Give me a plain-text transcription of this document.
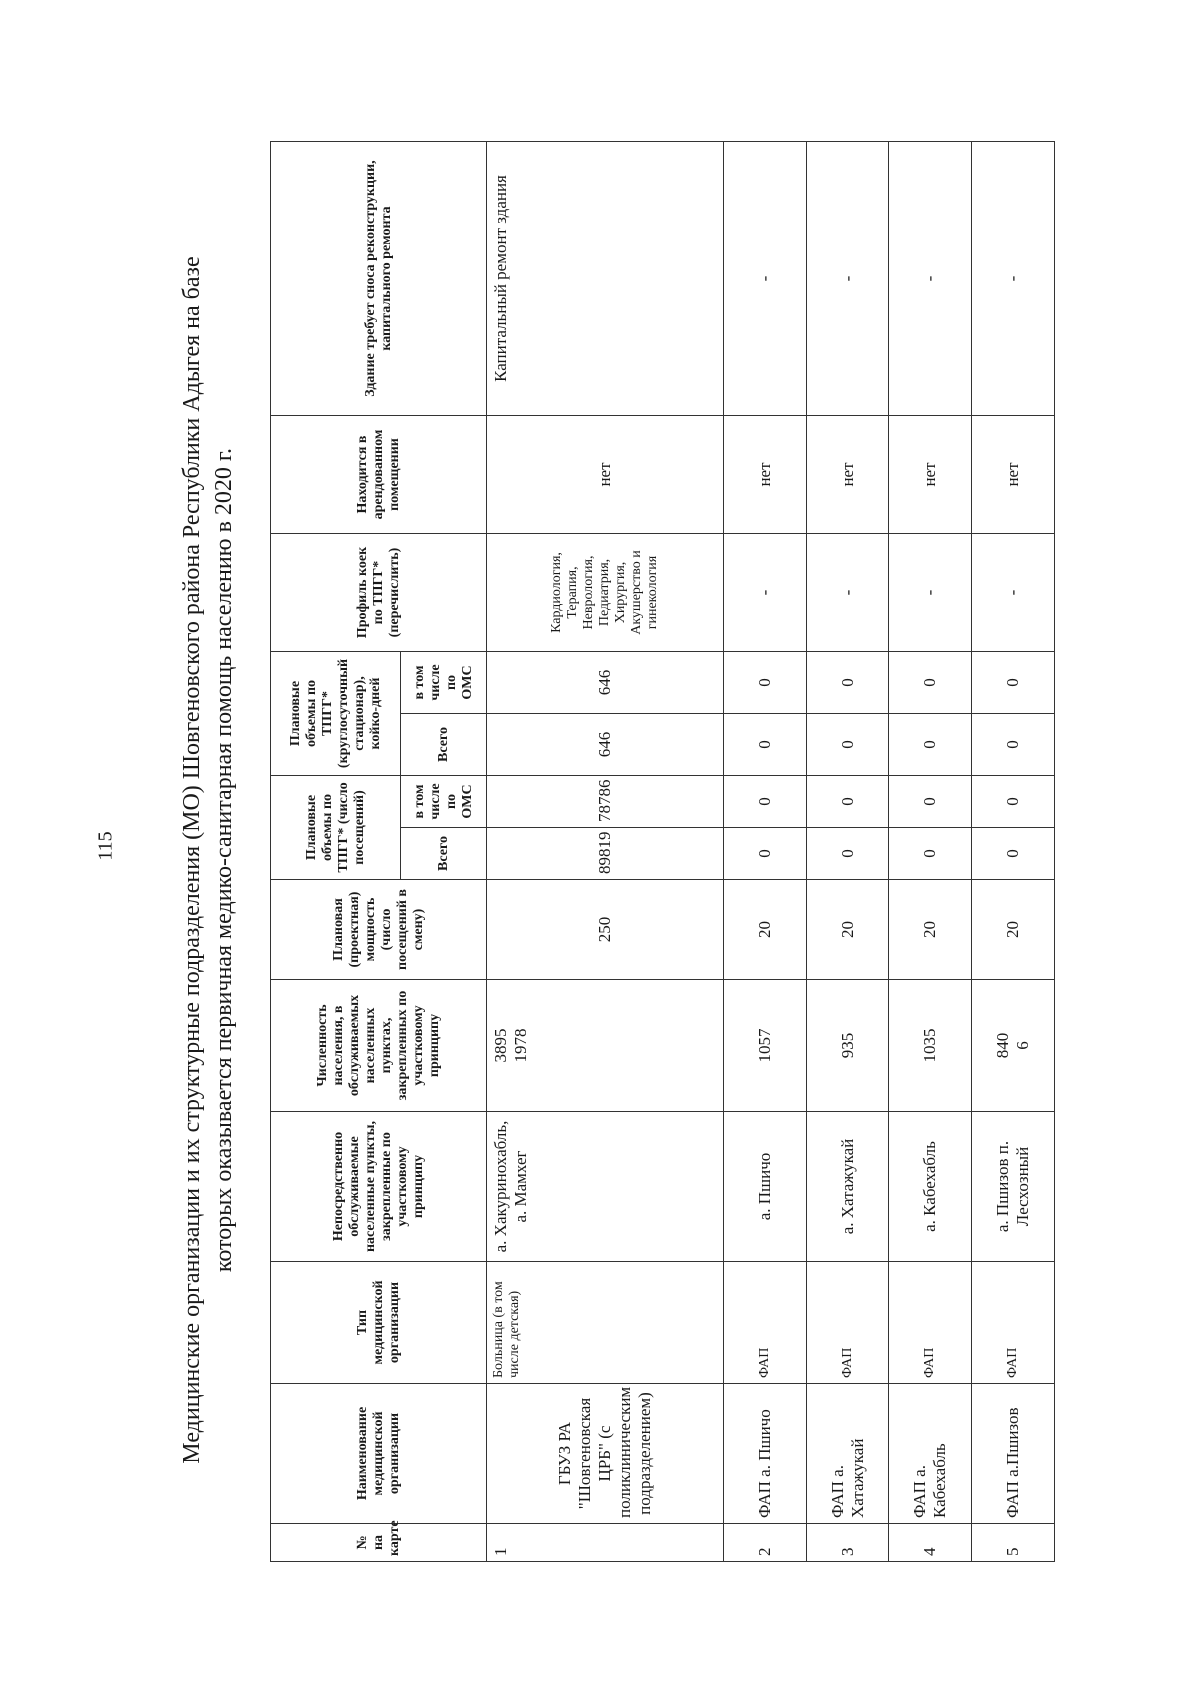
115	Медицинские организации и их структурные подразделения (МО) Шовгеновского района Республики Адыгея на базе которых оказывается первичная медико-санитарная помощь населению в 2020 г.
№ на карте	Наименование медицинской организации	Тип медицинской организации	Непосредственно обслуживаемые населенные пункты, закрепленные по участковому принципу	Численность населения, в обслуживаемых населенных пунктах, закрепленных по участковому принципу	Плановая (проектная) мощность (число посещений в смену)	Плановые объемы по ТПГГ* (число посещений)		Плановые объемы по ТПГГ* (круглосуточный стационар), койко-дней		Профиль коек по ТПГГ* (перечислить)	Находится в арендованном помещении	Здание требует сноса реконструкции, капитального ремонта
						Всего	в том числе по ОМС	Всего	в том числе по ОМС			
1	ГБУЗ РА "Шовгеновская ЦРБ" (с поликлиническим подразделением)	Больница (в том числе детская)	а. Хакуринохабль, а. Мамхег	3895 1978	250	89819	78786	646	646	Кардиология, Терапия, Неврология, Педиатрия, Хирургия, Акушерство и гинекология	нет	Капитальный ремонт здания
2	ФАП а. Пшичо	ФАП	а. Пшичо	1057	20	0	0	0	0	-	нет	-
3	ФАП а. Хатажукай	ФАП	а. Хатажукай	935	20	0	0	0	0	-	нет	-
4	ФАП а. Кабехабль	ФАП	а. Кабехабль	1035	20	0	0	0	0	-	нет	-
5	ФАП а.Пшизов	ФАП	а. Пшизов п. Лесхозный	840 6	20	0	0	0	0	-	нет	-
